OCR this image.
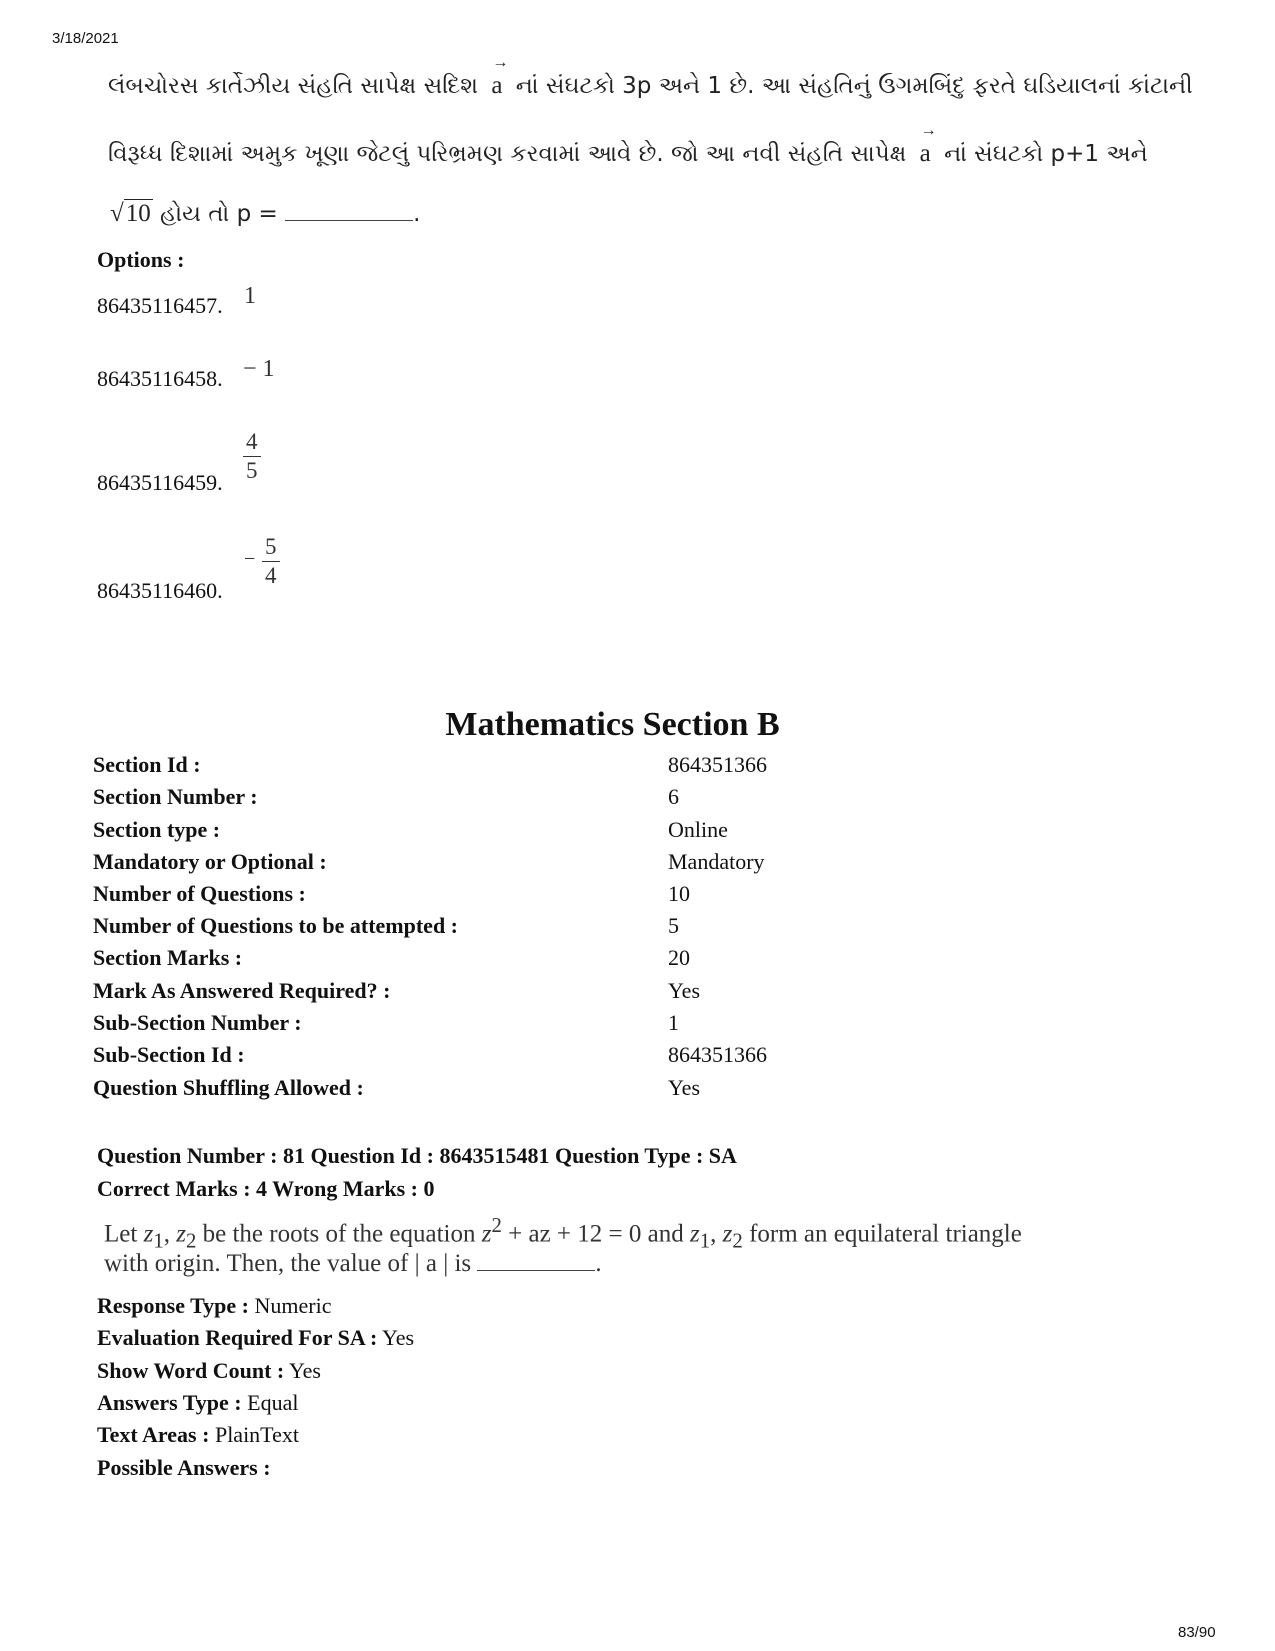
3/18/2021
83/90
લંબચોરસ કાર્તેઝીય સંહતિ સાપેક્ષ સદિશ → a નાં સંઘટકો 3p અને 1 છે. આ સંહતિનું ઉગમબિંદુ ફરતે ઘડિયાલનાં કાંટાની
વિરૂધ્ધ દિશામાં અમુક ખૂણા જેટલું પરિભ્રમણ કરવામાં આવે છે. જો આ નવી સંહતિ સાપેક્ષ → a નાં સંઘટકો p+1 અને
√10 હોય તો p =	.
Options :
86435116457. 1
86435116458. − 1
86435116459. $\frac{4}{5}$
86435116460.
− $\frac{5}{4}$
Mathematics Section B
Section Id :	864351366
Section Number :	6
Section type :	Online
Mandatory or Optional :	Mandatory
Number of Questions :	10
Number of Questions to be attempted :	5
Section Marks :	20
Mark As Answered Required? :	Yes
Sub-Section Number :	1
Sub-Section Id :	864351366
Question Shuffling Allowed :	Yes
Question Number : 81 Question Id : 8643515481 Question Type : SA
Correct Marks : 4 Wrong Marks : 0
Let $z_1$, $z_2$ be the roots of the equation $z^2$ + az + 12 = 0 and $z_1$, $z_2$ form an equilateral triangle
with origin. Then, the value of | a | is	.
Response Type : Numeric
Evaluation Required For SA : Yes
Show Word Count : Yes
Answers Type : Equal
Text Areas : PlainText
Possible Answers :
